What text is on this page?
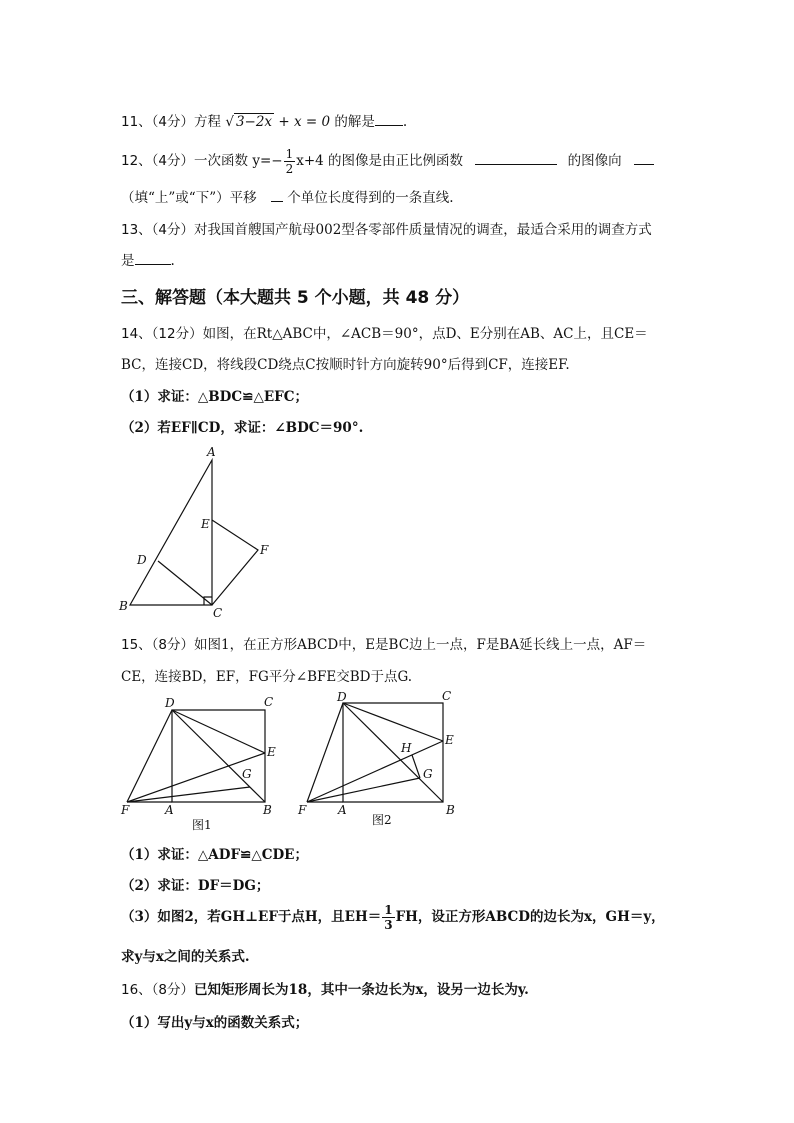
11、（4分）方程 √ 3−2x + x = 0 的解是 .
12、（4分）一次函数 $y=- \frac{1}{2} x+4$ 的图像是由正比例函数	的图像向
（填“上”或“下”）平移 个单位长度得到的一条直线.
13、（4分）对我国首艘国产航母002型各零部件质量情况的调查，最适合采用的调查方式
是	.
三、解答题（本大题共 5 个小题，共 48 分）
14、（12分）如图，在Rt△ABC中，∠ACB＝90°，点D、E分别在AB、AC上，且CE＝
BC，连接CD，将线段CD绕点C按顺时针方向旋转90°后得到CF，连接EF.
（1）求证：△BDC≌△EFC；
（2）若EF∥CD，求证：∠BDC＝90°.
A
B	C
D
E
F
15、（8分）如图1，在正方形ABCD中，E是BC边上一点，F是BA延长线上一点，AF＝
CE，连接BD，EF，FG平分∠BFE交BD于点G.
D	C
E
G
F	A	B
图1
D	C
E
H
G
F	A	B
图2
（1）求证：△ADF≌△CDE；
（2）求证：DF＝DG；
（3）如图2，若GH⊥EF于点H，且$EH= \frac{1}{3}$ FH，设正方形ABCD的边长为x，GH＝y，
求y与x之间的关系式.
16、（8分）已知矩形周长为18，其中一条边长为x，设另一边长为y.
（1）写出y与x的函数关系式；
